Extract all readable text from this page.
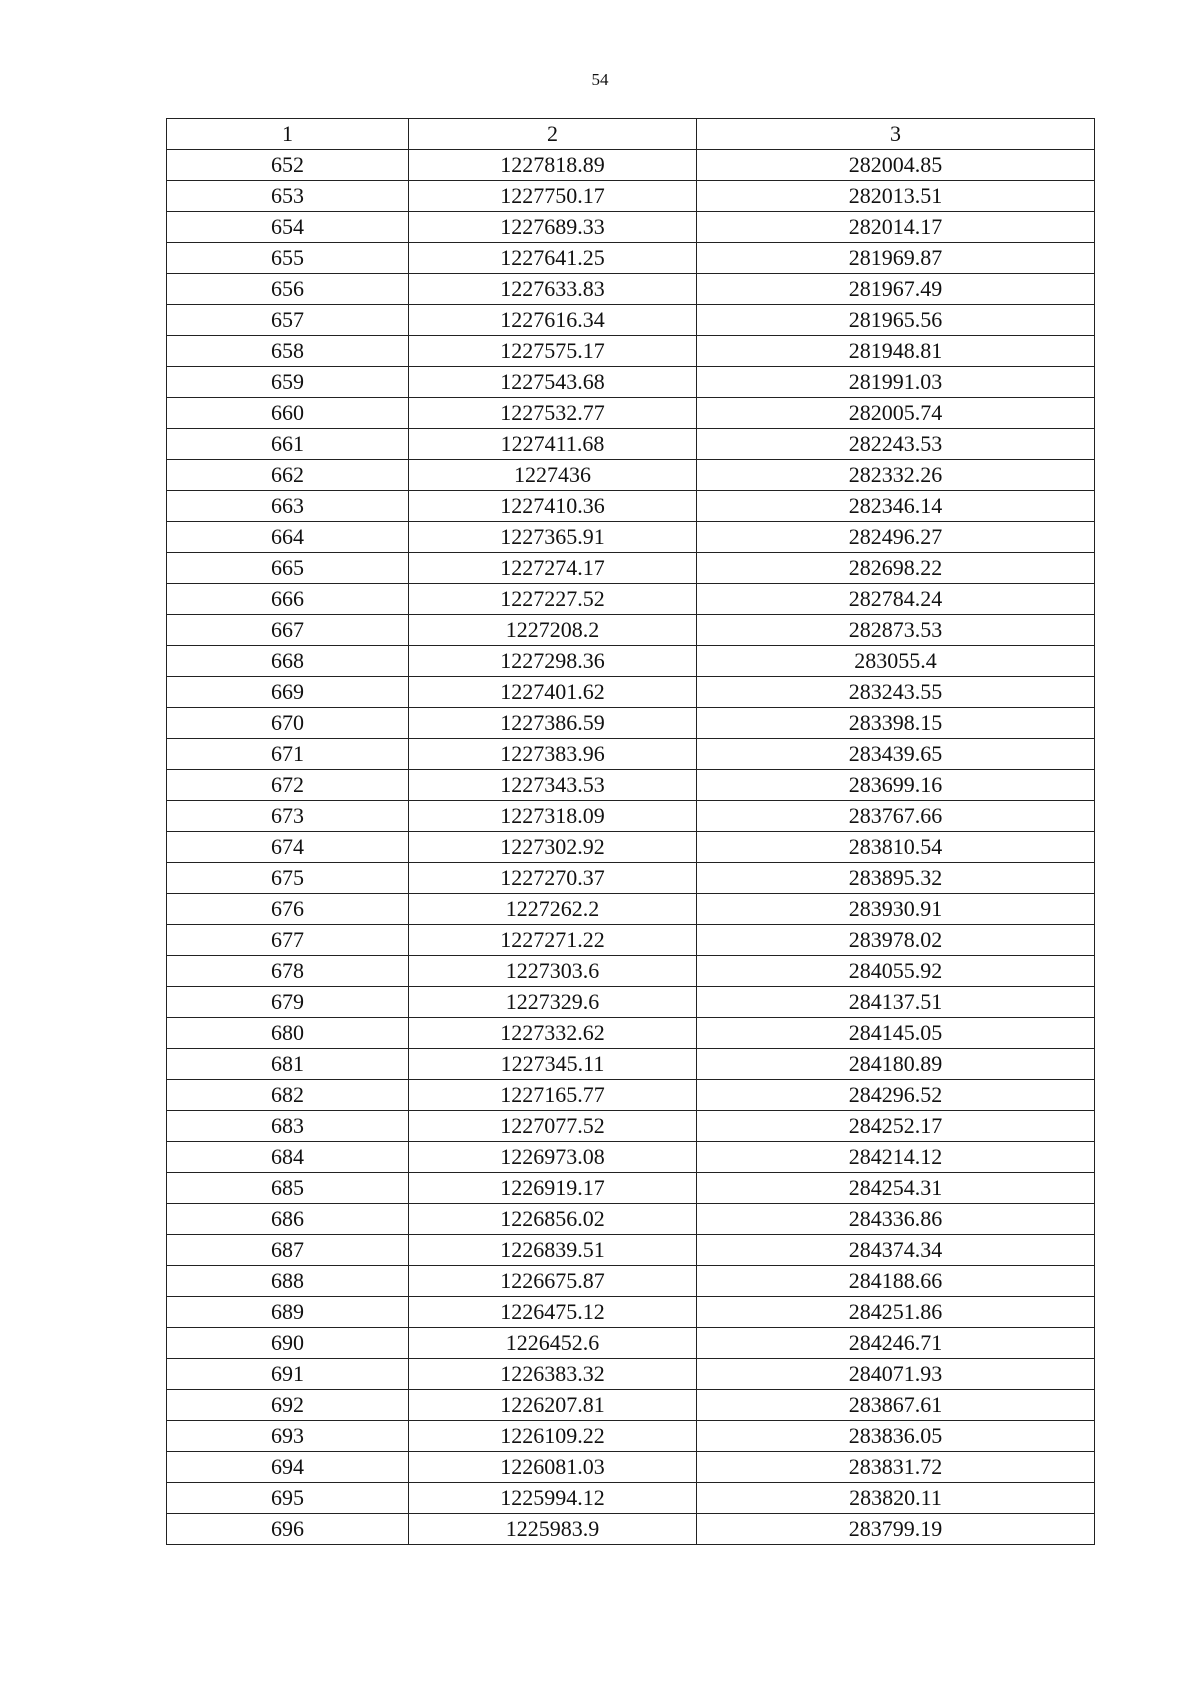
54
1	2	3
652	1227818.89	282004.85
653	1227750.17	282013.51
654	1227689.33	282014.17
655	1227641.25	281969.87
656	1227633.83	281967.49
657	1227616.34	281965.56
658	1227575.17	281948.81
659	1227543.68	281991.03
660	1227532.77	282005.74
661	1227411.68	282243.53
662	1227436	282332.26
663	1227410.36	282346.14
664	1227365.91	282496.27
665	1227274.17	282698.22
666	1227227.52	282784.24
667	1227208.2	282873.53
668	1227298.36	283055.4
669	1227401.62	283243.55
670	1227386.59	283398.15
671	1227383.96	283439.65
672	1227343.53	283699.16
673	1227318.09	283767.66
674	1227302.92	283810.54
675	1227270.37	283895.32
676	1227262.2	283930.91
677	1227271.22	283978.02
678	1227303.6	284055.92
679	1227329.6	284137.51
680	1227332.62	284145.05
681	1227345.11	284180.89
682	1227165.77	284296.52
683	1227077.52	284252.17
684	1226973.08	284214.12
685	1226919.17	284254.31
686	1226856.02	284336.86
687	1226839.51	284374.34
688	1226675.87	284188.66
689	1226475.12	284251.86
690	1226452.6	284246.71
691	1226383.32	284071.93
692	1226207.81	283867.61
693	1226109.22	283836.05
694	1226081.03	283831.72
695	1225994.12	283820.11
696	1225983.9	283799.19
